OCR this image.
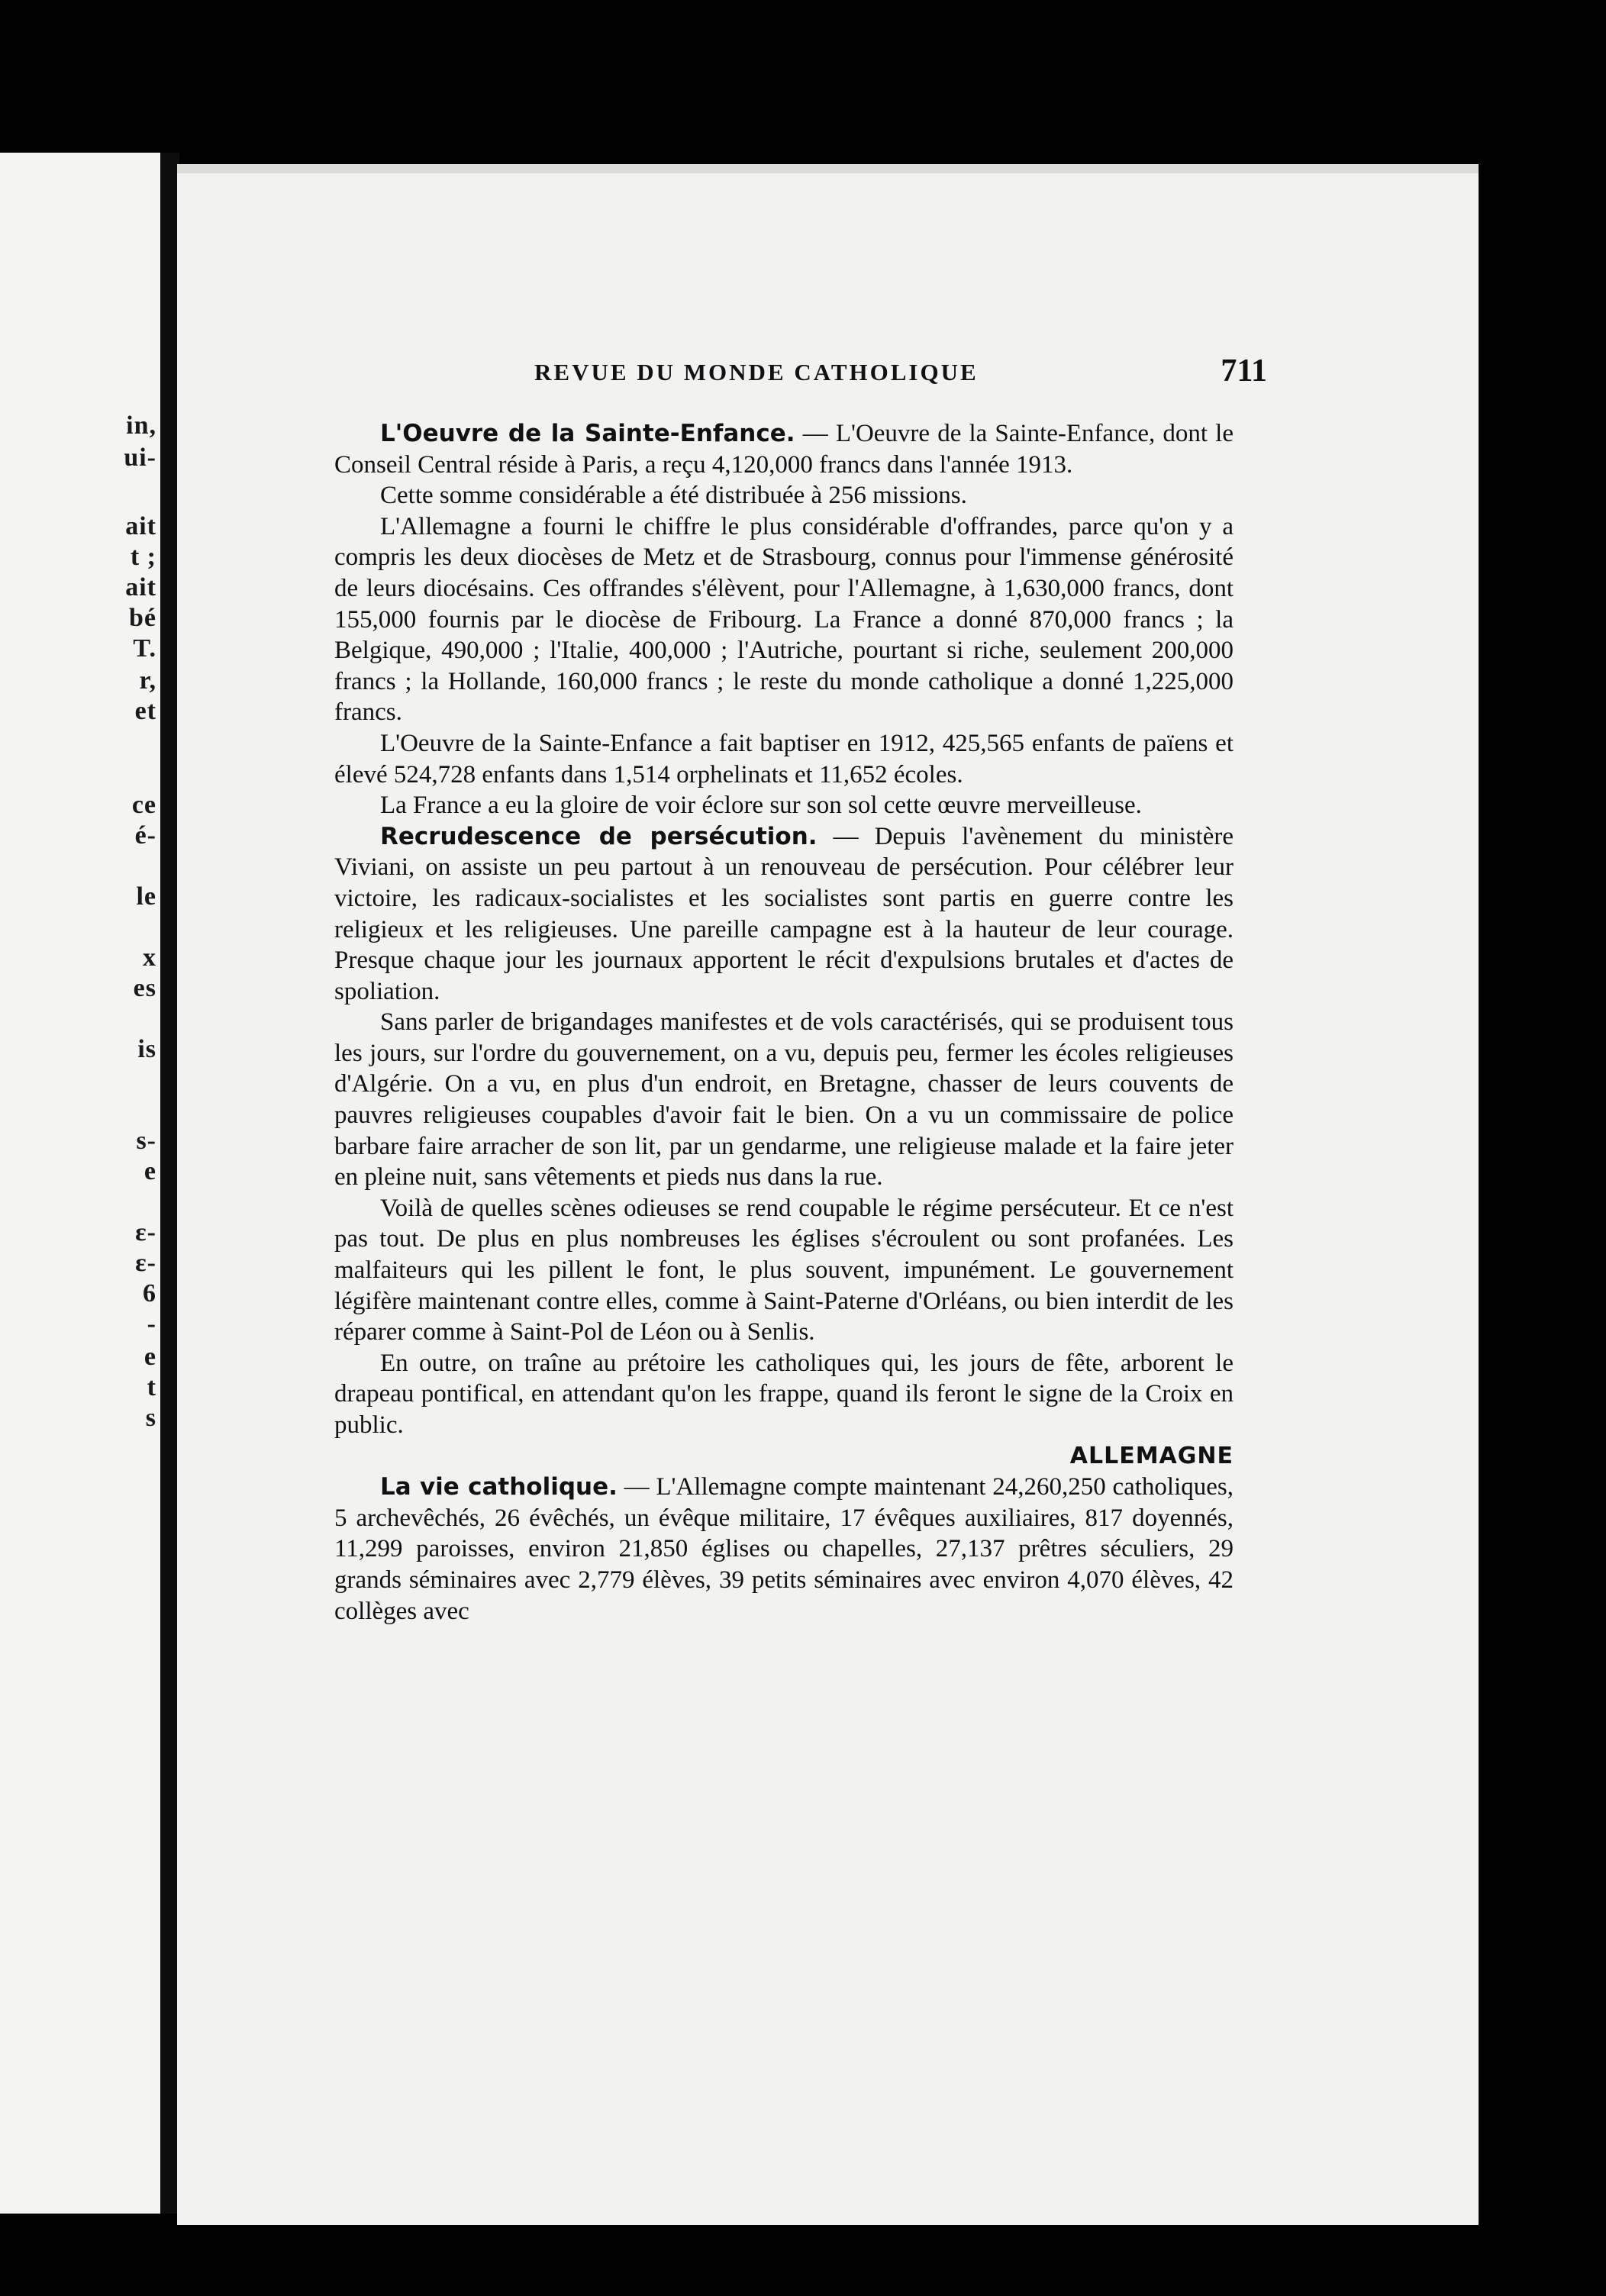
in,
ui-
ait
t ;
ait
bé
T.
r,
et
ce
é-
le
x
es
is
s-
e
ε-
ε-
6
-
e
t
s
REVUE DU MONDE CATHOLIQUE	711

L'Oeuvre de la Sainte-Enfance. — L'Oeuvre de la Sainte-Enfance, dont le Conseil Central réside à Paris, a reçu 4,120,000 francs dans l'année 1913.

Cette somme considérable a été distribuée à 256 missions.

L'Allemagne a fourni le chiffre le plus considérable d'offrandes, parce qu'on y a compris les deux diocèses de Metz et de Strasbourg, connus pour l'immense générosité de leurs diocésains. Ces offrandes s'élèvent, pour l'Allemagne, à 1,630,000 francs, dont 155,000 fournis par le diocèse de Fribourg. La France a donné 870,000 francs ; la Belgique, 490,000 ; l'Italie, 400,000 ; l'Autriche, pourtant si riche, seulement 200,000 francs ; la Hollande, 160,000 francs ; le reste du monde catholique a donné 1,225,000 francs.

L'Oeuvre de la Sainte-Enfance a fait baptiser en 1912, 425,565 enfants de païens et élevé 524,728 enfants dans 1,514 orphelinats et 11,652 écoles.

La France a eu la gloire de voir éclore sur son sol cette œuvre merveilleuse.

Recrudescence de persécution. — Depuis l'avènement du ministère Viviani, on assiste un peu partout à un renouveau de persécution. Pour célébrer leur victoire, les radicaux-socialistes et les socialistes sont partis en guerre contre les religieux et les religieuses. Une pareille campagne est à la hauteur de leur courage. Presque chaque jour les journaux apportent le récit d'expulsions brutales et d'actes de spoliation.

Sans parler de brigandages manifestes et de vols caractérisés, qui se produisent tous les jours, sur l'ordre du gouvernement, on a vu, depuis peu, fermer les écoles religieuses d'Algérie. On a vu, en plus d'un endroit, en Bretagne, chasser de leurs couvents de pauvres religieuses coupables d'avoir fait le bien. On a vu un commissaire de police barbare faire arracher de son lit, par un gendarme, une religieuse malade et la faire jeter en pleine nuit, sans vêtements et pieds nus dans la rue.

Voilà de quelles scènes odieuses se rend coupable le régime persécuteur. Et ce n'est pas tout. De plus en plus nombreuses les églises s'écroulent ou sont profanées. Les malfaiteurs qui les pillent le font, le plus souvent, impunément. Le gouvernement légifère maintenant contre elles, comme à Saint-Paterne d'Orléans, ou bien interdit de les réparer comme à Saint-Pol de Léon ou à Senlis.

En outre, on traîne au prétoire les catholiques qui, les jours de fête, arborent le drapeau pontifical, en attendant qu'on les frappe, quand ils feront le signe de la Croix en public.

ALLEMAGNE

La vie catholique. — L'Allemagne compte maintenant 24,260,250 catholiques, 5 archevêchés, 26 évêchés, un évêque militaire, 17 évêques auxiliaires, 817 doyennés, 11,299 paroisses, environ 21,850 églises ou chapelles, 27,137 prêtres séculiers, 29 grands séminaires avec 2,779 élèves, 39 petits séminaires avec environ 4,070 élèves, 42 collèges avec
